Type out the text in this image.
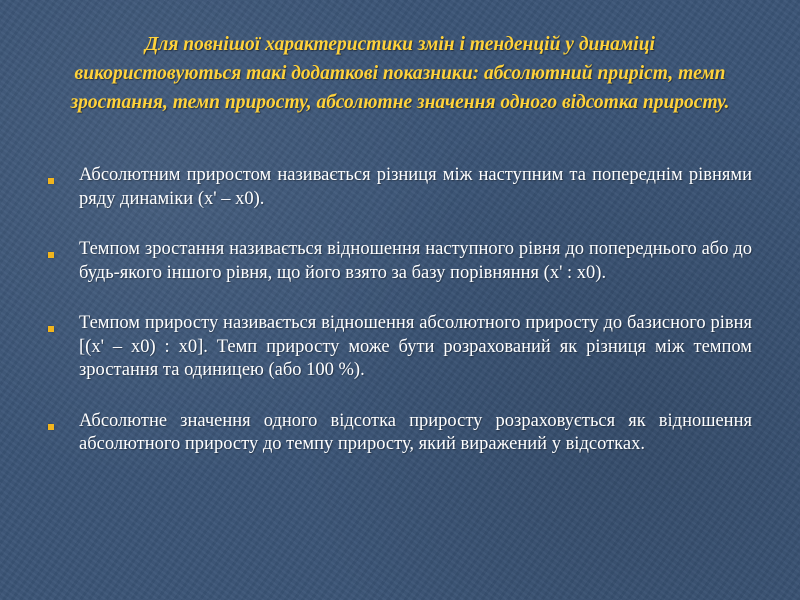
Для повнішої характеристики змін і тенденцій у динаміці використовуються такі додаткові показники: абсолютний приріст, темп зростання, темп приросту, абсолютне значення одного відсотка приросту.
Абсолютним приростом називається різниця між наступним та попереднім рівнями ряду динаміки (x' – x0).
Темпом зростання називається відношення наступного рівня до попереднього або до будь-якого іншого рівня, що його взято за базу порівняння (x' : x0).
Темпом приросту називається відношення абсолютного приросту до базисного рівня [(x' – x0) : x0]. Темп приросту може бути розрахований як різниця між темпом зростання та одиницею (або 100 %).
Абсолютне значення одного відсотка приросту розраховується як відношення абсолютного приросту до темпу приросту, який виражений у відсотках.
